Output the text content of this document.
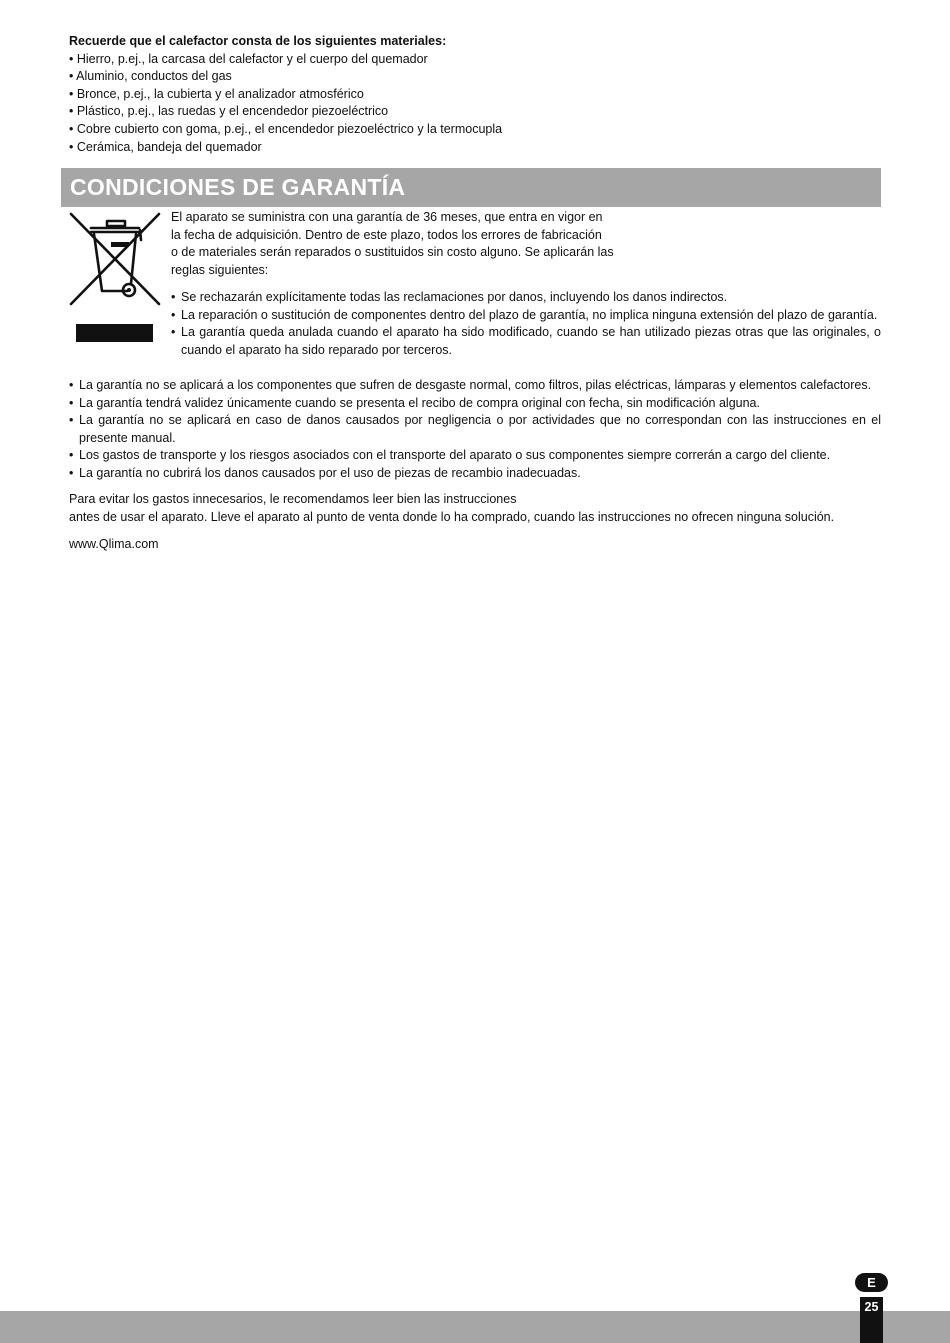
Recuerde que el calefactor consta de los siguientes materiales:
• Hierro, p.ej., la carcasa del calefactor y el cuerpo del quemador
• Aluminio, conductos del gas
• Bronce, p.ej., la cubierta y el analizador atmosférico
• Plástico, p.ej., las ruedas y el encendedor piezoeléctrico
• Cobre cubierto con goma, p.ej., el encendedor piezoeléctrico y la termocupla
• Cerámica, bandeja del quemador
CONDICIONES DE GARANTÍA
El aparato se suministra con una garantía de 36 meses, que entra en vigor en
la fecha de adquisición. Dentro de este plazo, todos los errores de fabricación
o de materiales serán reparados o sustituidos sin costo alguno. Se aplicarán las
reglas siguientes:
• Se rechazarán explícitamente todas las reclamaciones por danos, incluyendo los danos indirectos.
• La reparación o sustitución de componentes dentro del plazo de garantía, no implica ninguna extensión del plazo de garantía.
• La garantía queda anulada cuando el aparato ha sido modificado, cuando se han utilizado piezas otras que las originales, o cuando el aparato ha sido reparado por terceros.
• La garantía no se aplicará a los componentes que sufren de desgaste normal, como filtros, pilas eléctricas, lámparas y elementos calefactores.
• La garantía tendrá validez únicamente cuando se presenta el recibo de compra original con fecha, sin modificación alguna.
• La garantía no se aplicará en caso de danos causados por negligencia o por actividades que no correspondan con las instrucciones en el presente manual.
• Los gastos de transporte y los riesgos asociados con el transporte del aparato o sus componentes siempre correrán a cargo del cliente.
• La garantía no cubrirá los danos causados por el uso de piezas de recambio inadecuadas.
Para evitar los gastos innecesarios, le recomendamos leer bien las instrucciones
antes de usar el aparato. Lleve el aparato al punto de venta donde lo ha comprado, cuando las instrucciones no ofrecen ninguna solución.
www.Qlima.com
E
25
